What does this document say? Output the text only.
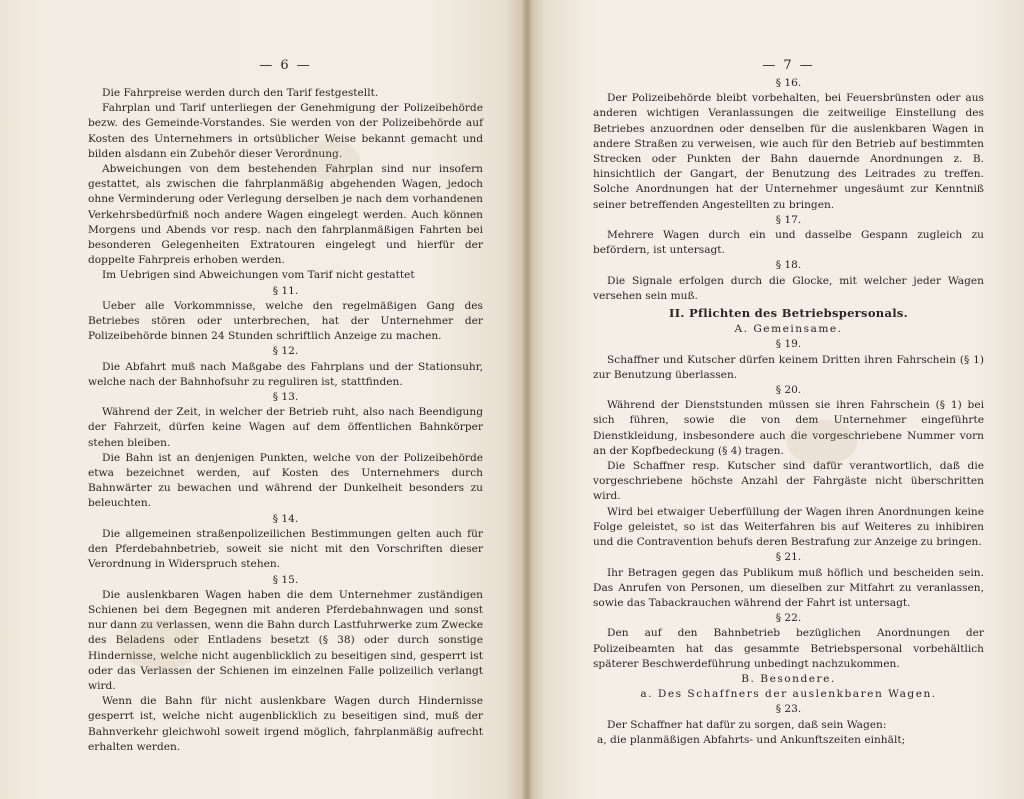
— 6 —

Die Fahrpreise werden durch den Tarif festgestellt.

Fahrplan und Tarif unterliegen der Genehmigung der Polizeibehörde bezw. des Gemeinde-Vorstandes. Sie werden von der Polizeibehörde auf Kosten des Unternehmers in ortsüblicher Weise bekannt gemacht und bilden alsdann ein Zubehör dieser Verordnung.

Abweichungen von dem bestehenden Fahrplan sind nur insofern gestattet, als zwischen die fahrplanmäßig abgehenden Wagen, jedoch ohne Verminderung oder Verlegung derselben je nach dem vorhandenen Verkehrsbedürfniß noch andere Wagen eingelegt werden. Auch können Morgens und Abends vor resp. nach den fahrplanmäßigen Fahrten bei besonderen Gelegenheiten Extratouren eingelegt und hierfür der doppelte Fahrpreis erhoben werden.

Im Uebrigen sind Abweichungen vom Tarif nicht gestattet

§ 11.

Ueber alle Vorkommnisse, welche den regelmäßigen Gang des Betriebes stören oder unterbrechen, hat der Unternehmer der Polizeibehörde binnen 24 Stunden schriftlich Anzeige zu machen.

§ 12.

Die Abfahrt muß nach Maßgabe des Fahrplans und der Stationsuhr, welche nach der Bahnhofsuhr zu reguliren ist, stattfinden.

§ 13.

Während der Zeit, in welcher der Betrieb ruht, also nach Beendigung der Fahrzeit, dürfen keine Wagen auf dem öffentlichen Bahnkörper stehen bleiben.

Die Bahn ist an denjenigen Punkten, welche von der Polizeibehörde etwa bezeichnet werden, auf Kosten des Unternehmers durch Bahnwärter zu bewachen und während der Dunkelheit besonders zu beleuchten.

§ 14.

Die allgemeinen straßenpolizeilichen Bestimmungen gelten auch für den Pferdebahnbetrieb, soweit sie nicht mit den Vorschriften dieser Verordnung in Widerspruch stehen.

§ 15.

Die auslenkbaren Wagen haben die dem Unternehmer zuständigen Schienen bei dem Begegnen mit anderen Pferdebahnwagen und sonst nur dann zu verlassen, wenn die Bahn durch Lastfuhrwerke zum Zwecke des Beladens oder Entladens besetzt (§ 38) oder durch sonstige Hindernisse, welche nicht augenblicklich zu beseitigen sind, gesperrt ist oder das Verlassen der Schienen im einzelnen Falle polizeilich verlangt wird.

Wenn die Bahn für nicht auslenkbare Wagen durch Hindernisse gesperrt ist, welche nicht augenblicklich zu beseitigen sind, muß der Bahnverkehr gleichwohl soweit irgend möglich, fahrplanmäßig aufrecht erhalten werden.

— 7 —
§ 16.

Der Polizeibehörde bleibt vorbehalten, bei Feuersbrünsten oder aus anderen wichtigen Veranlassungen die zeitweilige Einstellung des Betriebes anzuordnen oder denselben für die auslenkbaren Wagen in andere Straßen zu verweisen, wie auch für den Betrieb auf bestimmten Strecken oder Punkten der Bahn dauernde Anordnungen z. B. hinsichtlich der Gangart, der Benutzung des Leitrades zu treffen. Solche Anordnungen hat der Unternehmer ungesäumt zur Kenntniß seiner betreffenden Angestellten zu bringen.

§ 17.

Mehrere Wagen durch ein und dasselbe Gespann zugleich zu befördern, ist untersagt.

§ 18.

Die Signale erfolgen durch die Glocke, mit welcher jeder Wagen versehen sein muß.

II. Pflichten des Betriebspersonals.
A. Gemeinsame.
§ 19.

Schaffner und Kutscher dürfen keinem Dritten ihren Fahrschein (§ 1) zur Benutzung überlassen.

§ 20.

Während der Dienststunden müssen sie ihren Fahrschein (§ 1) bei sich führen, sowie die von dem Unternehmer eingeführte Dienstkleidung, insbesondere auch die vorgeschriebene Nummer vorn an der Kopfbedeckung (§ 4) tragen.

Die Schaffner resp. Kutscher sind dafür verantwortlich, daß die vorgeschriebene höchste Anzahl der Fahrgäste nicht überschritten wird.

Wird bei etwaiger Ueberfüllung der Wagen ihren Anordnungen keine Folge geleistet, so ist das Weiterfahren bis auf Weiteres zu inhibiren und die Contravention behufs deren Bestrafung zur Anzeige zu bringen.

§ 21.

Ihr Betragen gegen das Publikum muß höflich und bescheiden sein. Das Anrufen von Personen, um dieselben zur Mitfahrt zu veranlassen, sowie das Tabackrauchen während der Fahrt ist untersagt.

§ 22.

Den auf den Bahnbetrieb bezüglichen Anordnungen der Polizeibeamten hat das gesammte Betriebspersonal vorbehältlich späterer Beschwerdeführung unbedingt nachzukommen.

B. Besondere.
a. Des Schaffners der auslenkbaren Wagen.
§ 23.

Der Schaffner hat dafür zu sorgen, daß sein Wagen:

a, die planmäßigen Abfahrts- und Ankunftszeiten einhält;
